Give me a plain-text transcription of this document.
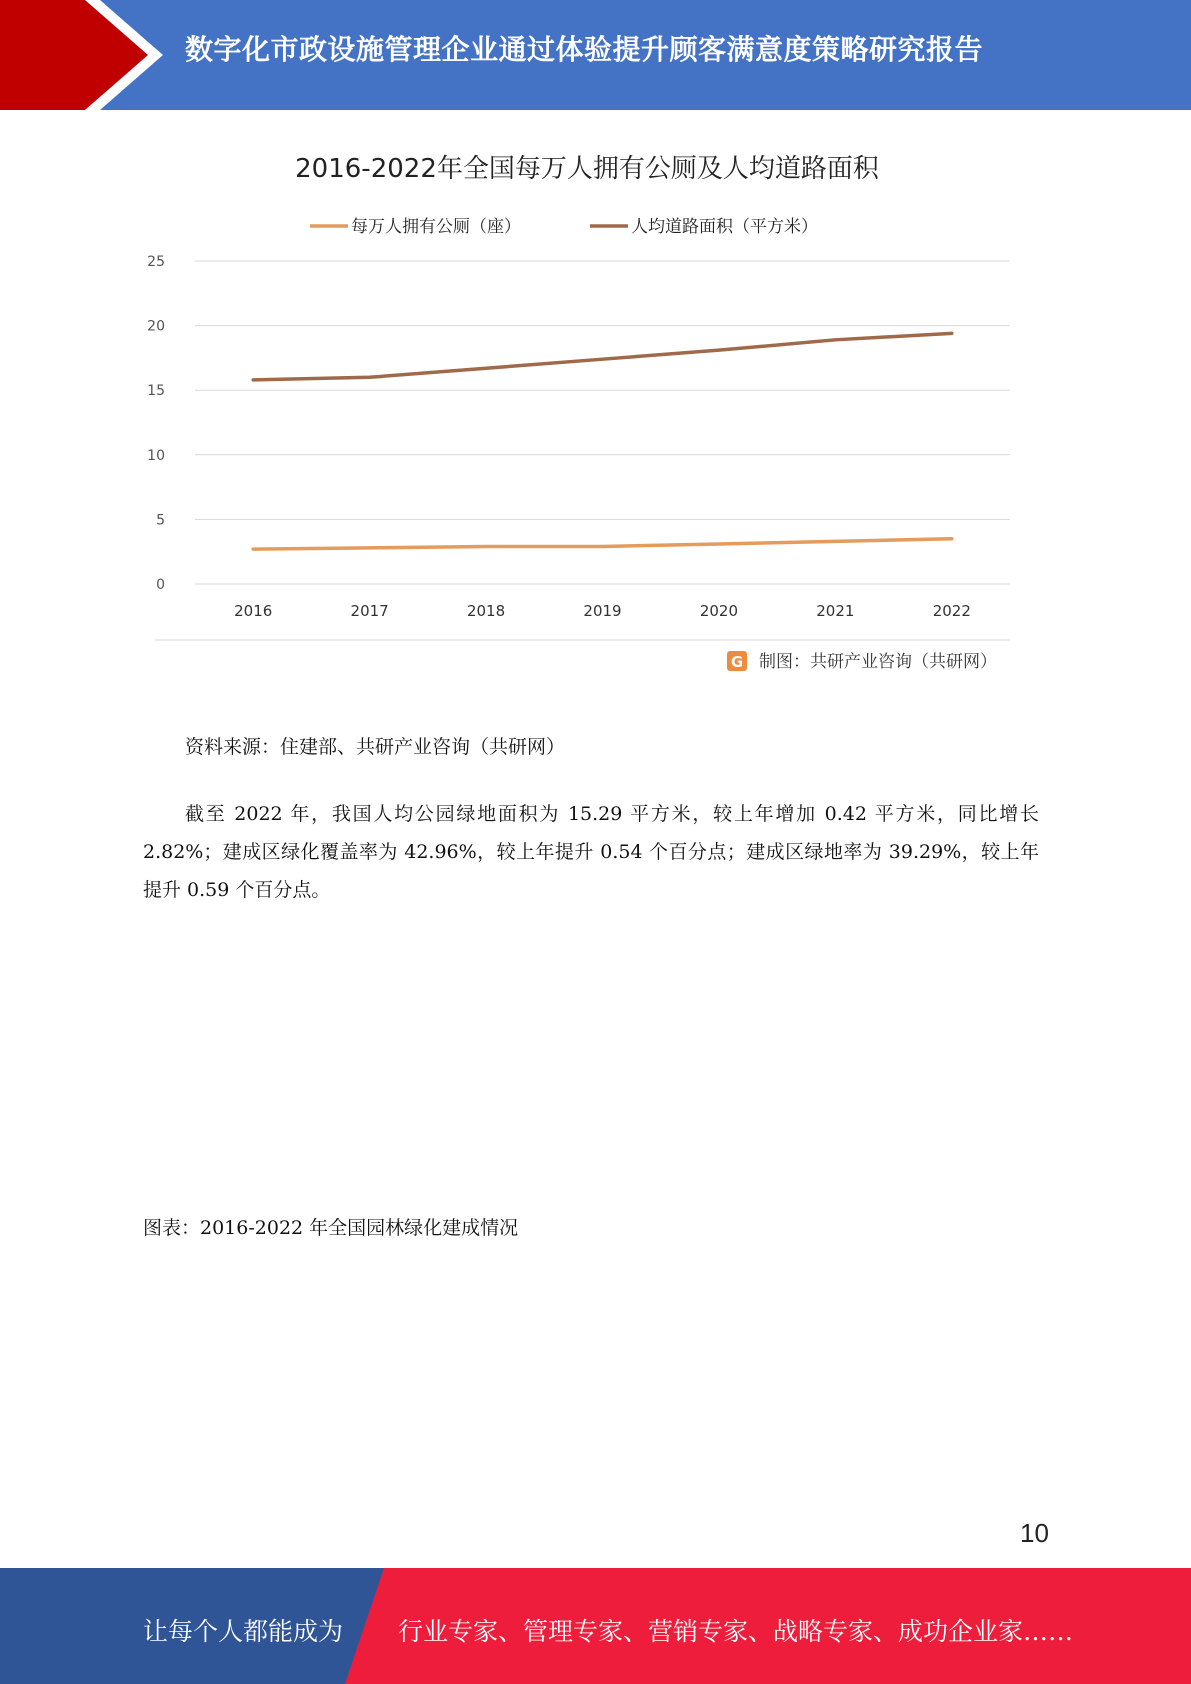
数字化市政设施管理企业通过体验提升顾客满意度策略研究报告
2016-2022年全国每万人拥有公厕及人均道路面积
每万人拥有公厕（座）	人均道路面积（平方米）
0
5
10
15
20
25
2016	2017	2018	2019	2020	2021	2022
G 制图：共研产业咨询（共研网）
资料来源：住建部、共研产业咨询（共研网）
截至 2022 年，我国人均公园绿地面积为 15.29 平方米，较上年增加 0.42 平方米，同比增长 2.82%；建成区绿化覆盖率为 42.96%，较上年提升 0.54 个百分点；建成区绿地率为 39.29%，较上年提升 0.59 个百分点。
图表：2016-2022 年全国园林绿化建成情况
10
让每个人都能成为 行业专家、管理专家、营销专家、战略专家、成功企业家……
